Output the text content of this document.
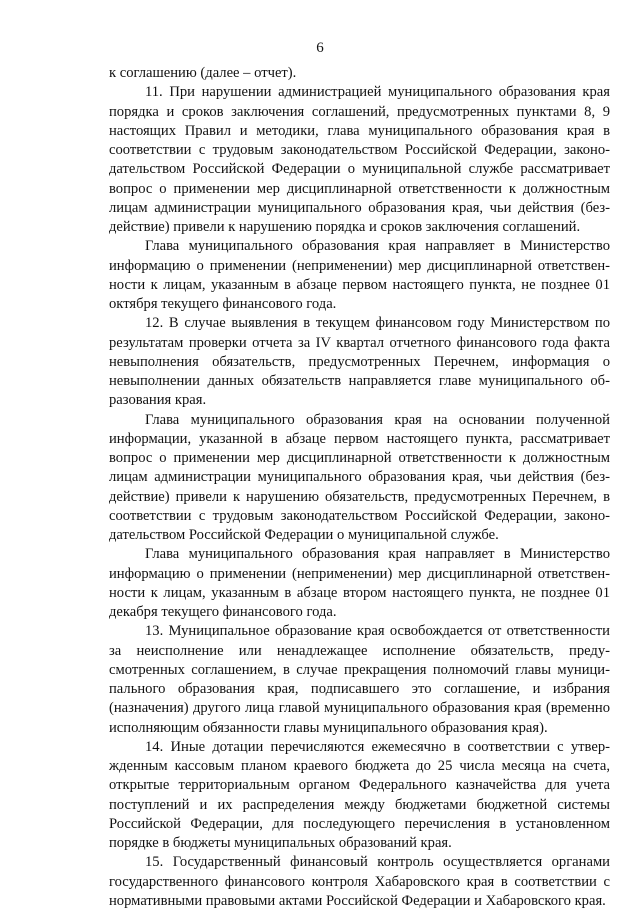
6

к соглашению (далее – отчет).

11. При нарушении администрацией муниципального образования края порядка и сроков заключения соглашений, предусмотренных пунктами 8, 9 настоящих Правил и методики, глава муниципального образования края в соответствии с трудовым законодательством Российской Федерации, законодательством Российской Федерации о муниципальной службе рассматривает вопрос о применении мер дисциплинарной ответственности к должностным лицам администрации муниципального образования края, чьи действия (бездействие) привели к нарушению порядка и сроков заключения соглашений.

Глава муниципального образования края направляет в Министерство информацию о применении (неприменении) мер дисциплинарной ответственности к лицам, указанным в абзаце первом настоящего пункта, не позднее 01 октября текущего финансового года.

12. В случае выявления в текущем финансовом году Министерством по результатам проверки отчета за IV квартал отчетного финансового года факта невыполнения обязательств, предусмотренных Перечнем, информация о невыполнении данных обязательств направляется главе муниципального образования края.

Глава муниципального образования края на основании полученной информации, указанной в абзаце первом настоящего пункта, рассматривает вопрос о применении мер дисциплинарной ответственности к должностным лицам администрации муниципального образования края, чьи действия (бездействие) привели к нарушению обязательств, предусмотренных Перечнем, в соответствии с трудовым законодательством Российской Федерации, законодательством Российской Федерации о муниципальной службе.

Глава муниципального образования края направляет в Министерство информацию о применении (неприменении) мер дисциплинарной ответственности к лицам, указанным в абзаце втором настоящего пункта, не позднее 01 декабря текущего финансового года.

13. Муниципальное образование края освобождается от ответственности за неисполнение или ненадлежащее исполнение обязательств, предусмотренных соглашением, в случае прекращения полномочий главы муниципального образования края, подписавшего это соглашение, и избрания (назначения) другого лица главой муниципального образования края (временно исполняющим обязанности главы муниципального образования края).

14. Иные дотации перечисляются ежемесячно в соответствии с утвержденным кассовым планом краевого бюджета до 25 числа месяца на счета, открытые территориальным органом Федерального казначейства для учета поступлений и их распределения между бюджетами бюджетной системы Российской Федерации, для последующего перечисления в установленном порядке в бюджеты муниципальных образований края.

15. Государственный финансовый контроль осуществляется органами государственного финансового контроля Хабаровского края в соответствии с нормативными правовыми актами Российской Федерации и Хабаровского края.
